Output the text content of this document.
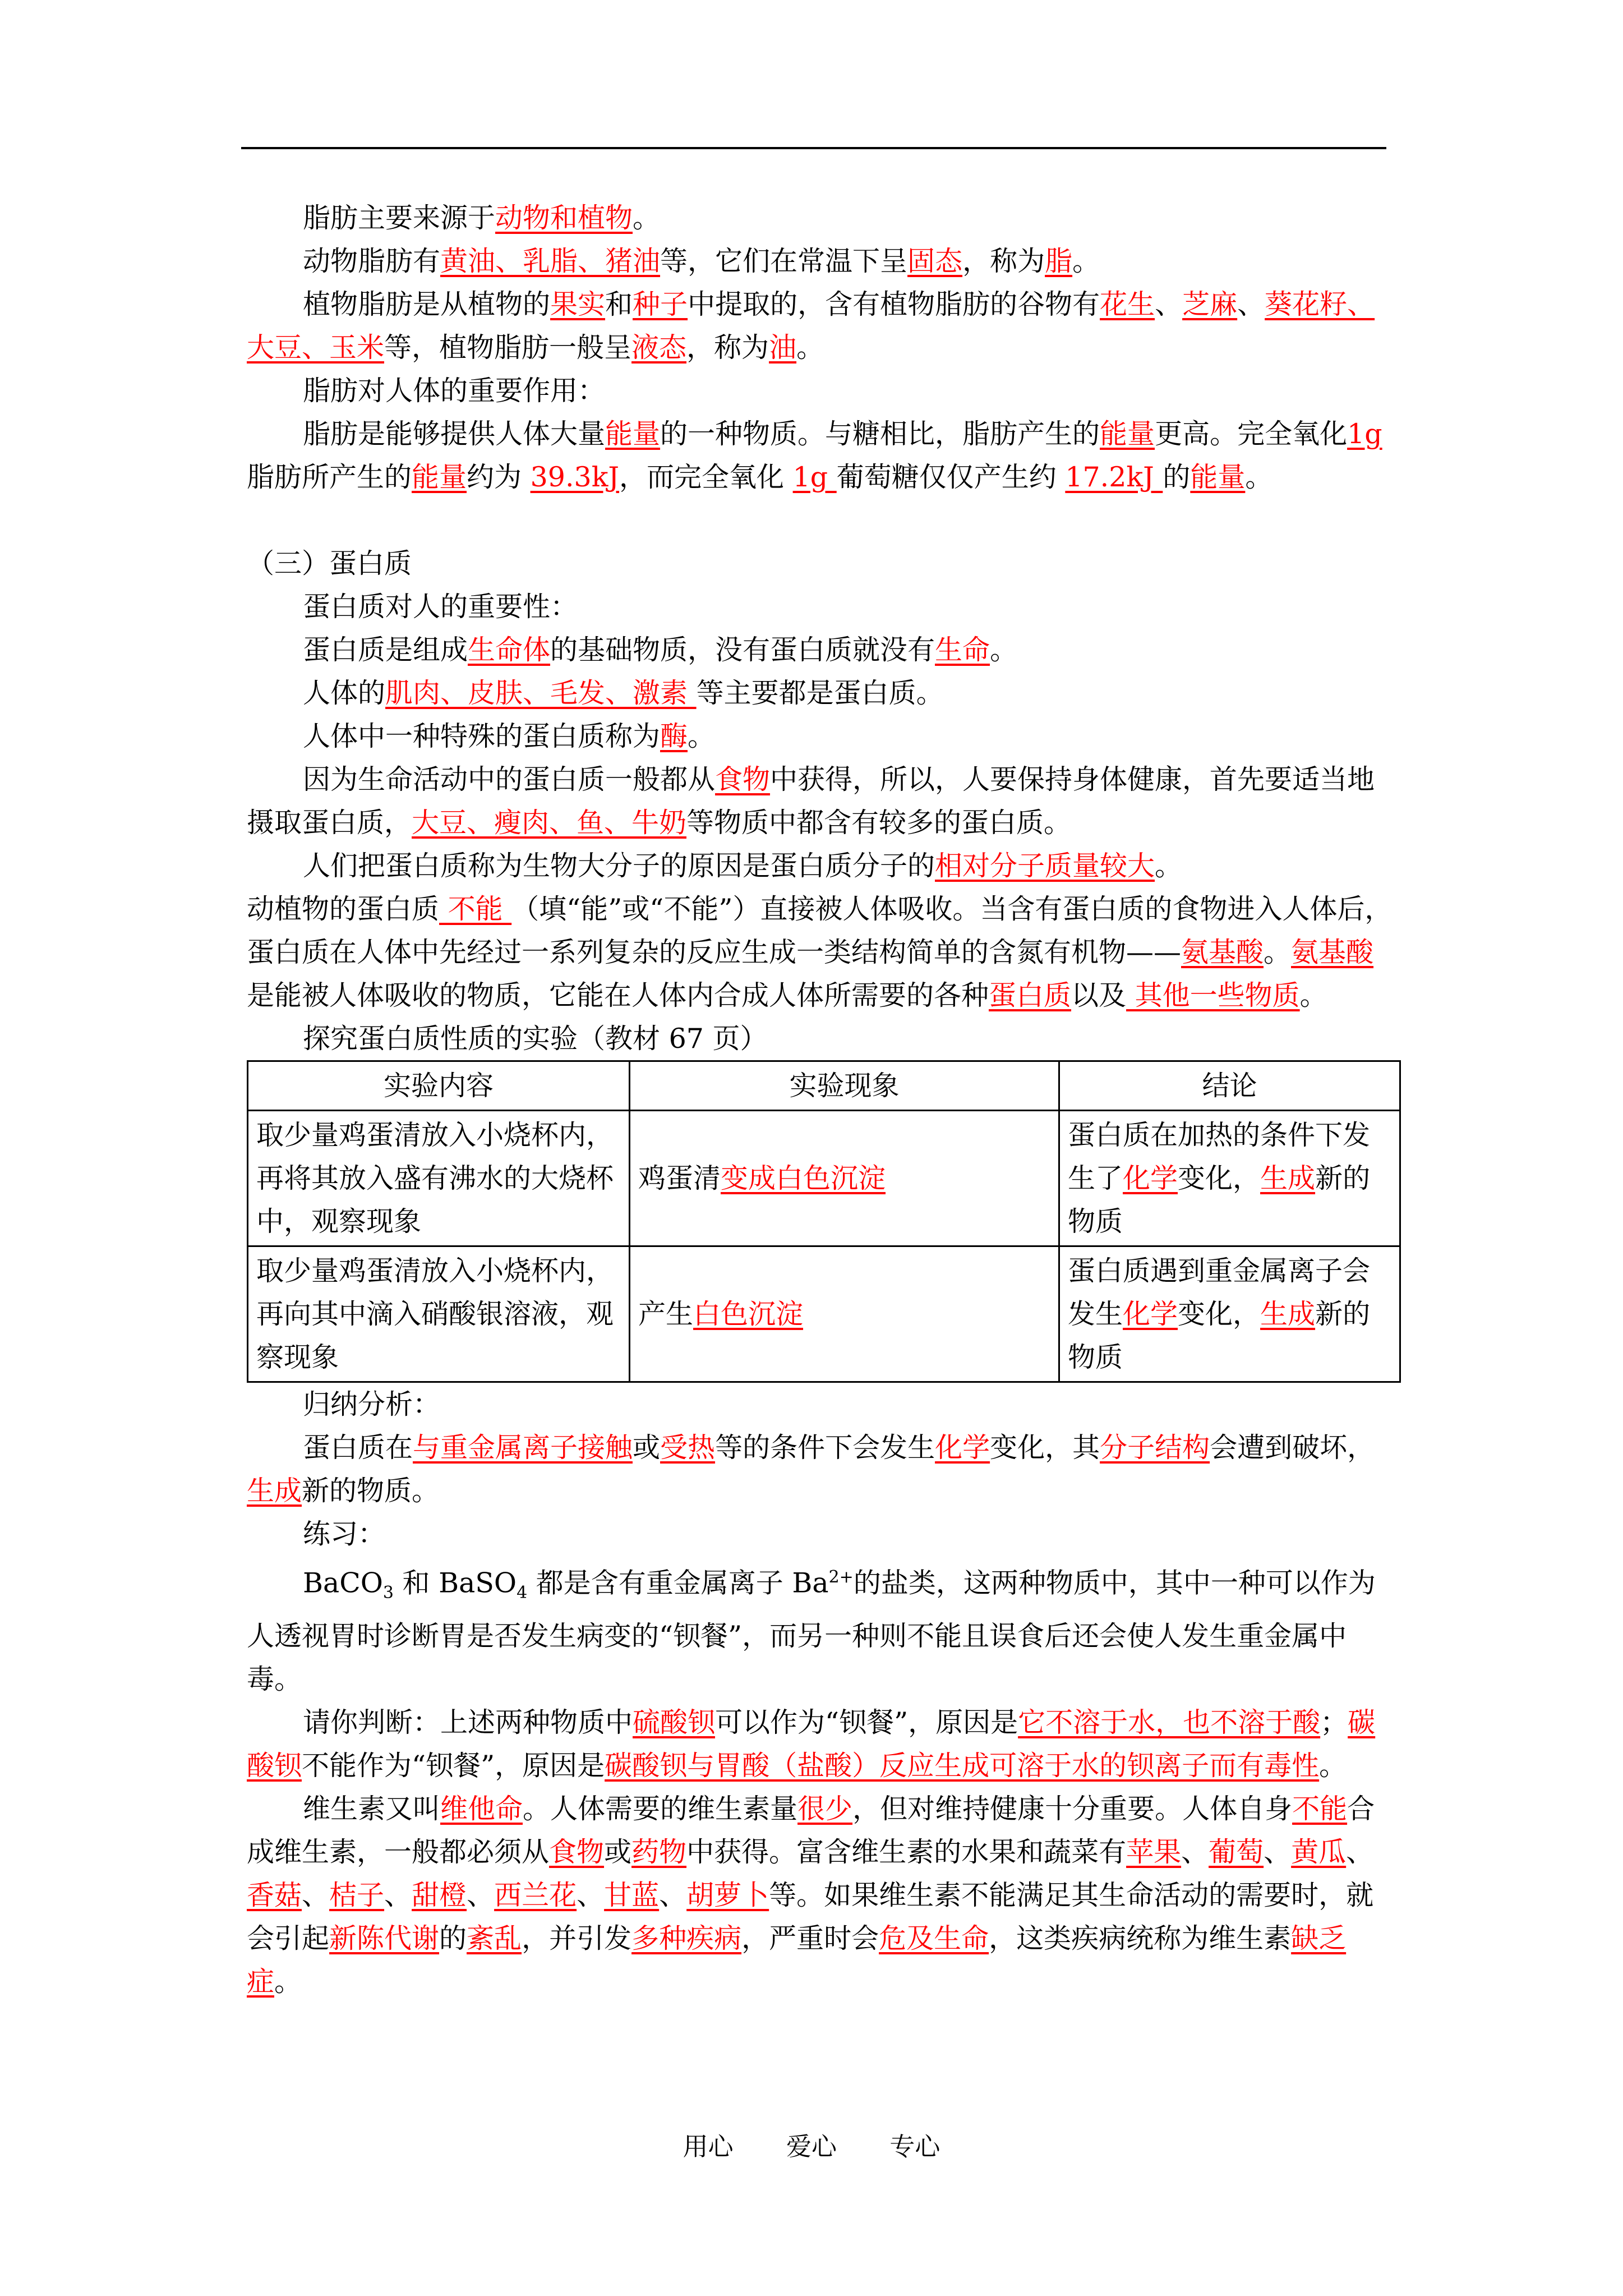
脂肪主要来源于动物和植物。

动物脂肪有黄油、乳脂、猪油等，它们在常温下呈固态，称为脂。

植物脂肪是从植物的果实和种子中提取的，含有植物脂肪的谷物有花生、芝麻、葵花籽、大豆、玉米等，植物脂肪一般呈液态，称为油。

脂肪对人体的重要作用：

脂肪是能够提供人体大量能量的一种物质。与糖相比，脂肪产生的能量更高。完全氧化1g 脂肪所产生的能量约为 39.3kJ，而完全氧化 1g 葡萄糖仅仅产生约 17.2kJ 的能量。

（三）蛋白质

蛋白质对人的重要性：

蛋白质是组成生命体的基础物质，没有蛋白质就没有生命。

人体的肌肉、皮肤、毛发、激素 等主要都是蛋白质。

人体中一种特殊的蛋白质称为酶。

因为生命活动中的蛋白质一般都从食物中获得，所以，人要保持身体健康，首先要适当地摄取蛋白质，大豆、瘦肉、鱼、牛奶等物质中都含有较多的蛋白质。

人们把蛋白质称为生物大分子的原因是蛋白质分子的相对分子质量较大。

动植物的蛋白质 不能 （填“能”或“不能”）直接被人体吸收。当含有蛋白质的食物进入人体后，蛋白质在人体中先经过一系列复杂的反应生成一类结构简单的含氮有机物——氨基酸。氨基酸是能被人体吸收的物质，它能在人体内合成人体所需要的各种蛋白质以及 其他一些物质。

探究蛋白质性质的实验（教材 67 页）

实验内容	实验现象	结论
取少量鸡蛋清放入小烧杯内，再将其放入盛有沸水的大烧杯中，观察现象	鸡蛋清变成白色沉淀	蛋白质在加热的条件下发生了化学变化，生成新的物质
取少量鸡蛋清放入小烧杯内，再向其中滴入硝酸银溶液，观察现象	产生白色沉淀	蛋白质遇到重金属离子会发生化学变化，生成新的物质

归纳分析：

蛋白质在与重金属离子接触或受热等的条件下会发生化学变化，其分子结构会遭到破坏，生成新的物质。

练习：

BaCO$_3$ 和 BaSO$_4$ 都是含有重金属离子 $Ba^{2+}$的盐类，这两种物质中，其中一种可以作为人透视胃时诊断胃是否发生病变的“钡餐”，而另一种则不能且误食后还会使人发生重金属中毒。

请你判断：上述两种物质中硫酸钡可以作为“钡餐”，原因是它不溶于水，也不溶于酸；碳酸钡不能作为“钡餐”，原因是碳酸钡与胃酸（盐酸）反应生成可溶于水的钡离子而有毒性。

维生素又叫维他命。人体需要的维生素量很少，但对维持健康十分重要。人体自身不能合成维生素，一般都必须从食物或药物中获得。富含维生素的水果和蔬菜有苹果、葡萄、黄瓜、香菇、桔子、甜橙、西兰花、甘蓝、胡萝卜等。如果维生素不能满足其生命活动的需要时，就会引起新陈代谢的紊乱，并引发多种疾病，严重时会危及生命，这类疾病统称为维生素缺乏症。

用心 爱心 专心
